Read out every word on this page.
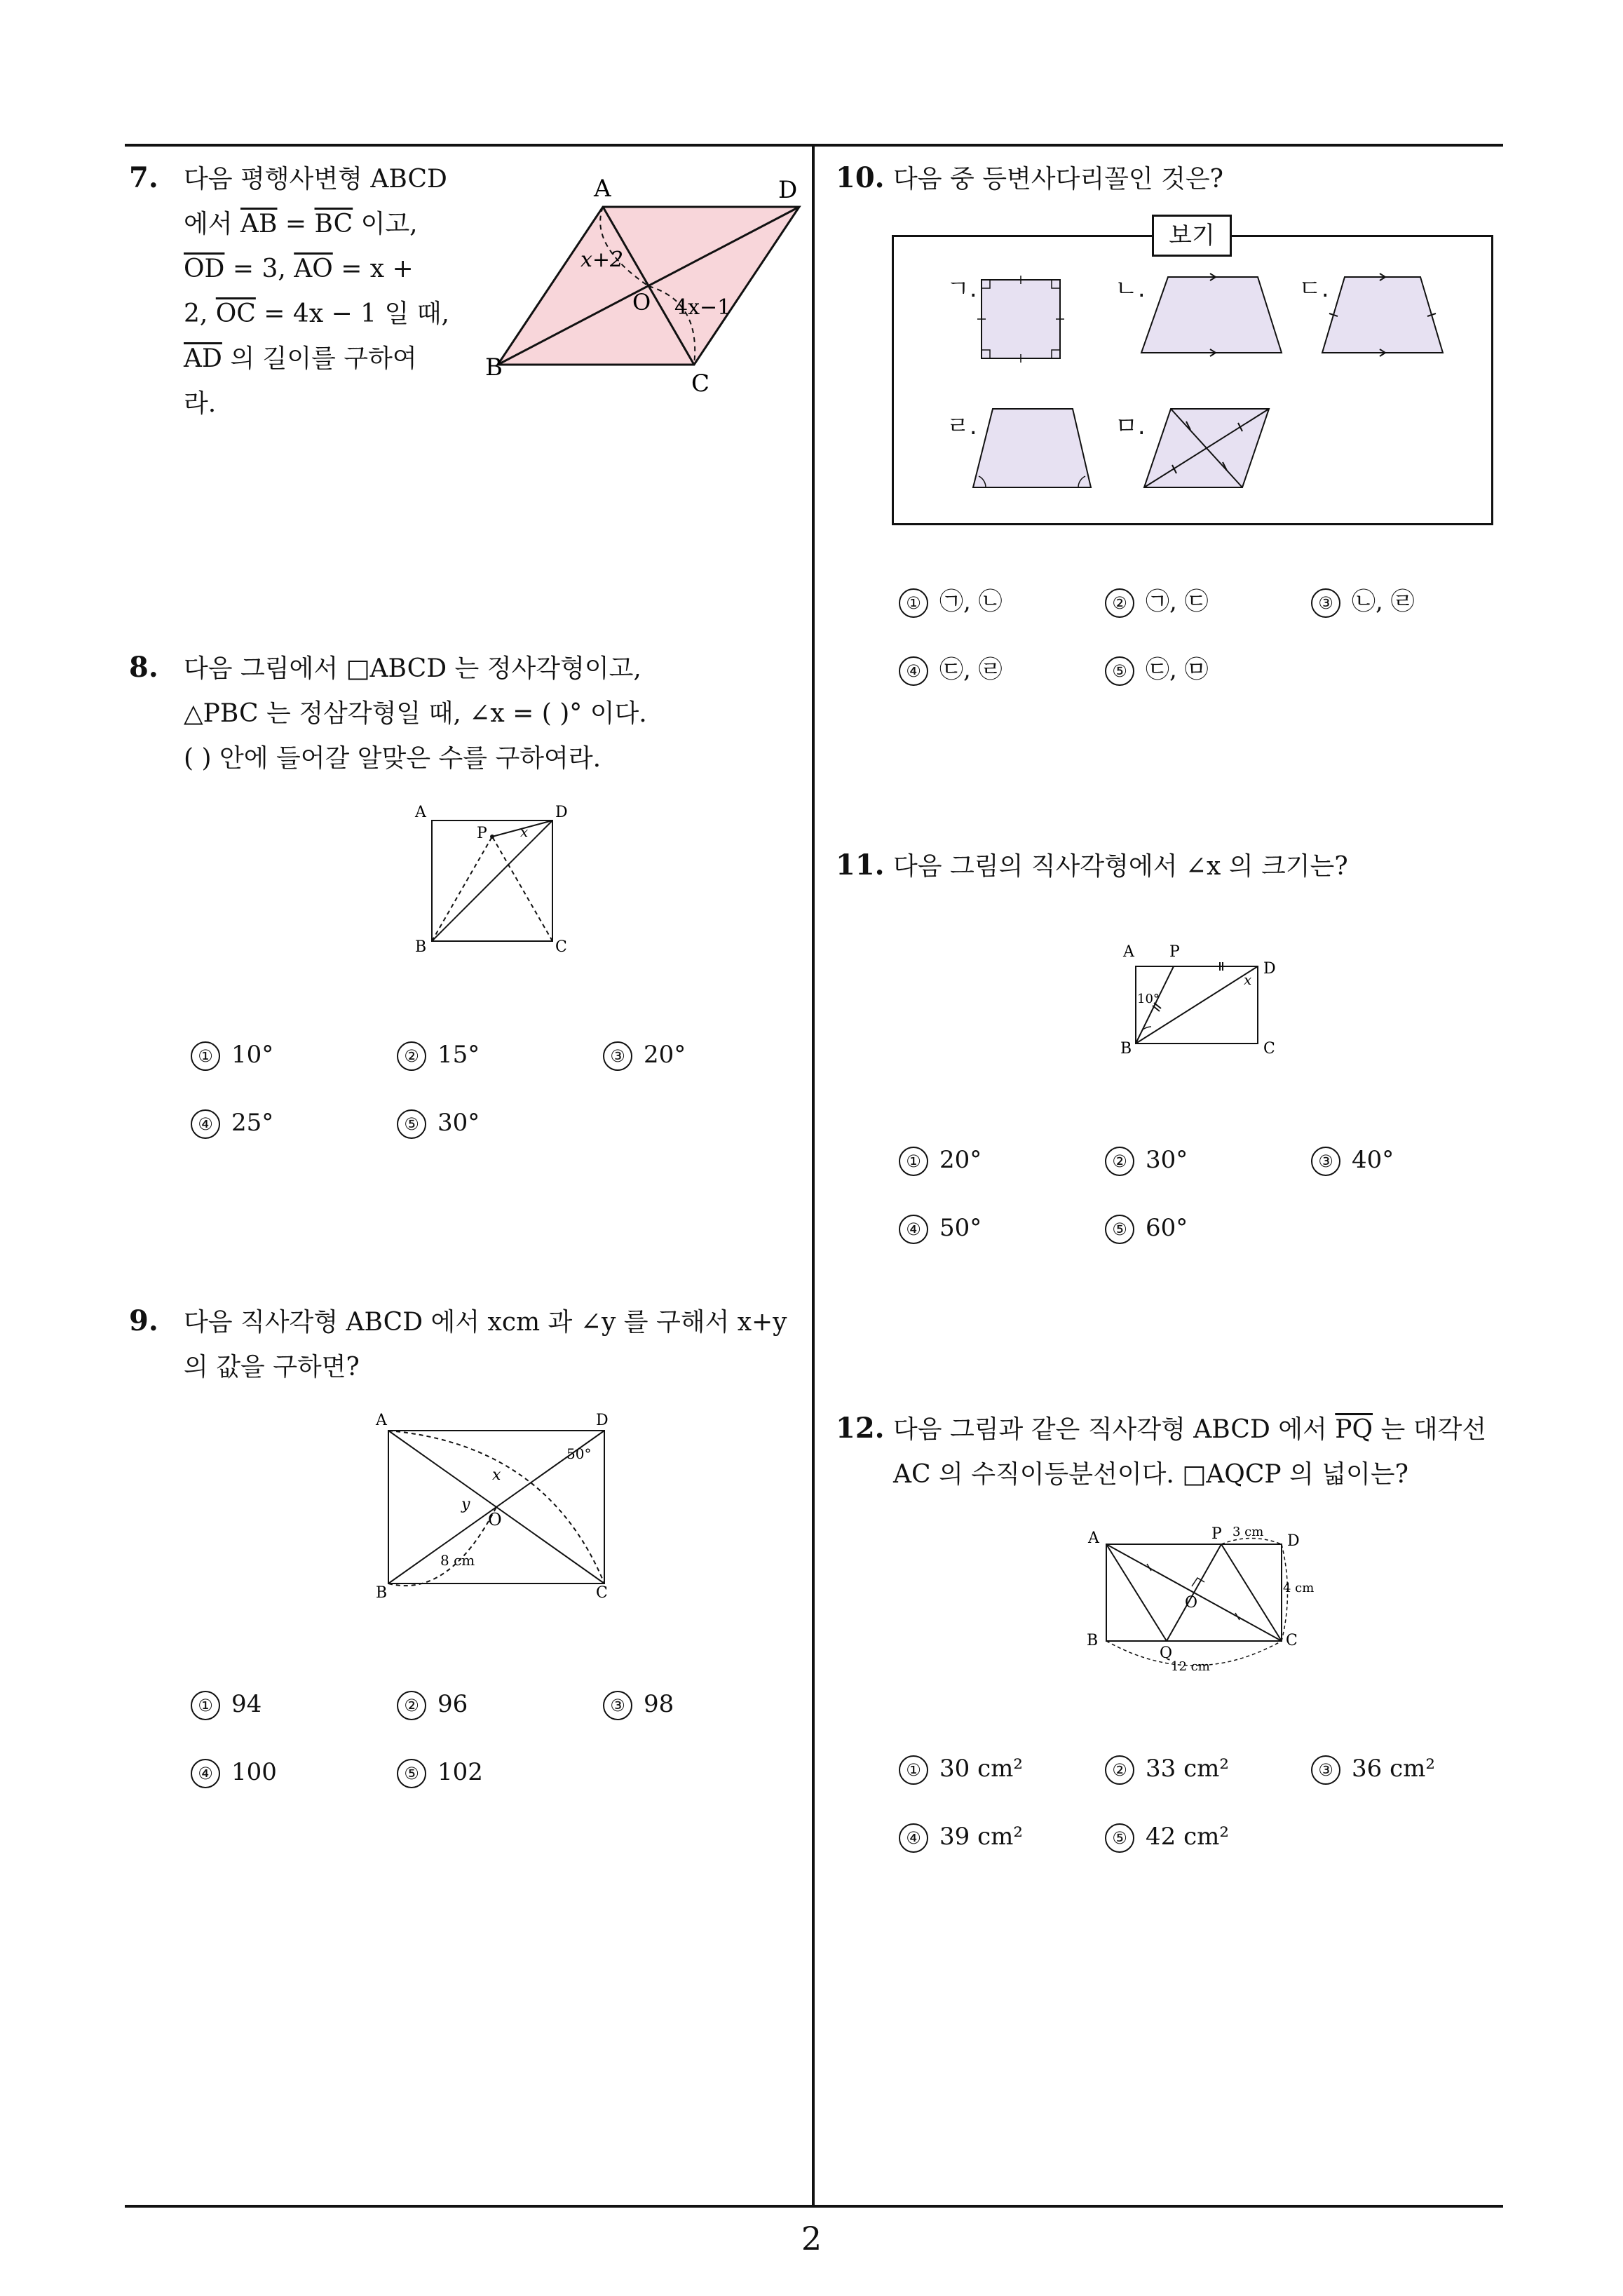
2
7. 다음 평행사변형 ABCD
에서 $\overline{AB} = \overline{BC}$ 이고,
$\overline{OD} = 3$, $\overline{AO} = x$ +
2, $\overline{OC} = 4x - 1$ 일 때,
$\overline{AD}$ 의 길이를 구하여
라.
A	D
B
C
O
x+2
4x−1
8. 다음 그림에서 □ABCD 는 정사각형이고,
△PBC 는 정삼각형일 때, ∠x = ( )° 이다.
( ) 안에 들어갈 알맞은 수를 구하여라.
A	D
B	C
P x
① 10°	② 15°	③ 20°
④ 25°	⑤ 30°
9. 다음 직사각형 ABCD 에서 xcm 과 ∠y 를 구해서 x+y
의 값을 구하면?
A	D
B	C
O
x
y
50°
8 cm
① 94	② 96	③ 98
④ 100	⑤ 102
10. 다음 중 등변사다리꼴인 것은?
보기
ㄱ.	ㄴ.	ㄷ.
ㄹ.	ㅁ.
① ㉠, ㉡	② ㉠, ㉢	③ ㉡, ㉣
④ ㉢, ㉣	⑤ ㉢, ㉤
11. 다음 그림의 직사각형에서 ∠x 의 크기는?
A
D
B	C
P
x
10°
① 20°	② 30°	③ 40°
④ 50°	⑤ 60°
12. 다음 그림과 같은 직사각형 ABCD 에서 $\overline{PQ}$ 는 대각선
AC 의 수직이등분선이다. □AQCP 의 넓이는?
A	D
B	C
P
Q
O
3 cm
4 cm
12 cm
① 30 cm²	② 33 cm²	③ 36 cm²
④ 39 cm²	⑤ 42 cm²
